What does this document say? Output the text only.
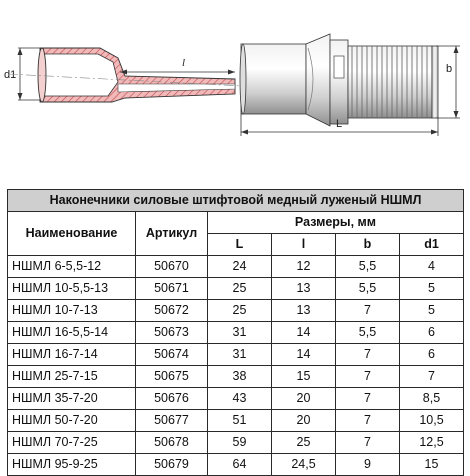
d1
l	b
L
Наконечники силовые штифтовой медный луженый НШМЛ					
Наименование	Артикул	Размеры, мм			
		L	l	b	d1
НШМЛ 6-5,5-12	50670	24	12	5,5	4
НШМЛ 10-5,5-13	50671	25	13	5,5	5
НШМЛ 10-7-13	50672	25	13	7	5
НШМЛ 16-5,5-14	50673	31	14	5,5	6
НШМЛ 16-7-14	50674	31	14	7	6
НШМЛ 25-7-15	50675	38	15	7	7
НШМЛ 35-7-20	50676	43	20	7	8,5
НШМЛ 50-7-20	50677	51	20	7	10,5
НШМЛ 70-7-25	50678	59	25	7	12,5
НШМЛ 95-9-25	50679	64	24,5	9	15
